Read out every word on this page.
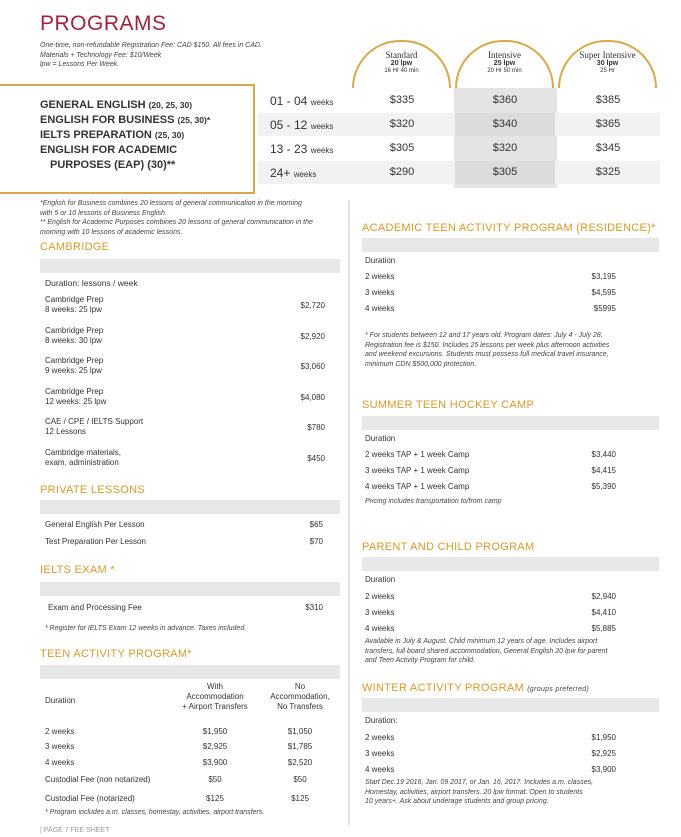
PROGRAMS
One-time, non-refundable Registration Fee: CAD $150. All fees in CAD.
Materials + Technology Fee: $10/Week
lpw = Lessons Per Week.
Standard
20 lpw
16 Hr 40 min
Intensive
25 lpw
20 Hr 50 min
Super Intensive
30 lpw
25 Hr
01 - 04 weeks	$335	$360	$385
05 - 12 weeks	$320	$340	$365
13 - 23 weeks	$305	$320	$345
24+ weeks	$290	$305	$325
GENERAL ENGLISH (20, 25, 30)
ENGLISH FOR BUSINESS (25, 30)*
IELTS PREPARATION (25, 30)
ENGLISH FOR ACADEMIC
PURPOSES (EAP) (30)**
*English for Business combines 20 lessons of general communication in the morning
with 5 or 10 lessons of Business English.
** English for Academic Purposes combines 20 lessons of general communication in the
morning with 10 lessons of academic lessons.
CAMBRIDGE
Duration: lessons / week
Cambridge Prep
8 weeks: 25 lpw	$2,720
Cambridge Prep
8 weeks: 30 lpw	$2,920
Cambridge Prep
9 weeks: 25 lpw	$3,060
Cambridge Prep
12 weeks: 25 lpw	$4,080
CAE / CPE / IELTS Support
12 Lessons	$780
Cambridge materials,
exam, administration	$450
PRIVATE LESSONS
General English Per Lesson	$65
Test Preparation Per Lesson	$70
IELTS EXAM *
Exam and Processing Fee	$310
* Register for IELTS Exam 12 weeks in advance. Taxes included.
TEEN ACTIVITY PROGRAM*
With
Accommodation
+ Airport Transfers
No
Accommodation,
No Transfers
Duration
2 weeks	$1,950	$1,050
3 weeks	$2,925	$1,785
4 weeks	$3,900	$2,520
Custodial Fee (non notarized)	$50	$50
Custodial Fee (notarized)	$125	$125
* Program includes a.m. classes, homestay, activities, airport transfers.
ACADEMIC TEEN ACTIVITY PROGRAM (RESIDENCE)*
Duration
2 weeks	$3,195
3 weeks	$4,595
4 weeks	$5995
* For students between 12 and 17 years old. Program dates: July 4 - July 28.
Registration fee is $150. Includes 25 lessons per week plus afternoon activities
and weekend excursions. Students must possess full medical travel insurance,
minimum CDN $500,000 protection.
SUMMER TEEN HOCKEY CAMP
Duration
2 weeks TAP + 1 week Camp	$3,440
3 weeks TAP + 1 week Camp	$4,415
4 weeks TAP + 1 week Camp	$5,390
Pricing includes transportation to/from camp
PARENT AND CHILD PROGRAM
Duration
2 weeks	$2,940
3 weeks	$4,410
4 weeks	$5,885
Available in July & August. Child minimum 12 years of age. Includes airport
transfers, full board shared accommodation, General English 20 lpw for parent
and Teen Activity Program for child.
WINTER ACTIVITY PROGRAM (groups preferred)
Duration:
2 weeks	$1,950
3 weeks	$2,925
4 weeks	$3,900
Start Dec.19 2016, Jan. 09 2017, or Jan. 16, 2017. Includes a.m. classes,
Homestay, activities, airport transfers. 20 lpw format. Open to students
10 years+. Ask about underage students and group pricing.
| PAGE 7 FEE SHEET
